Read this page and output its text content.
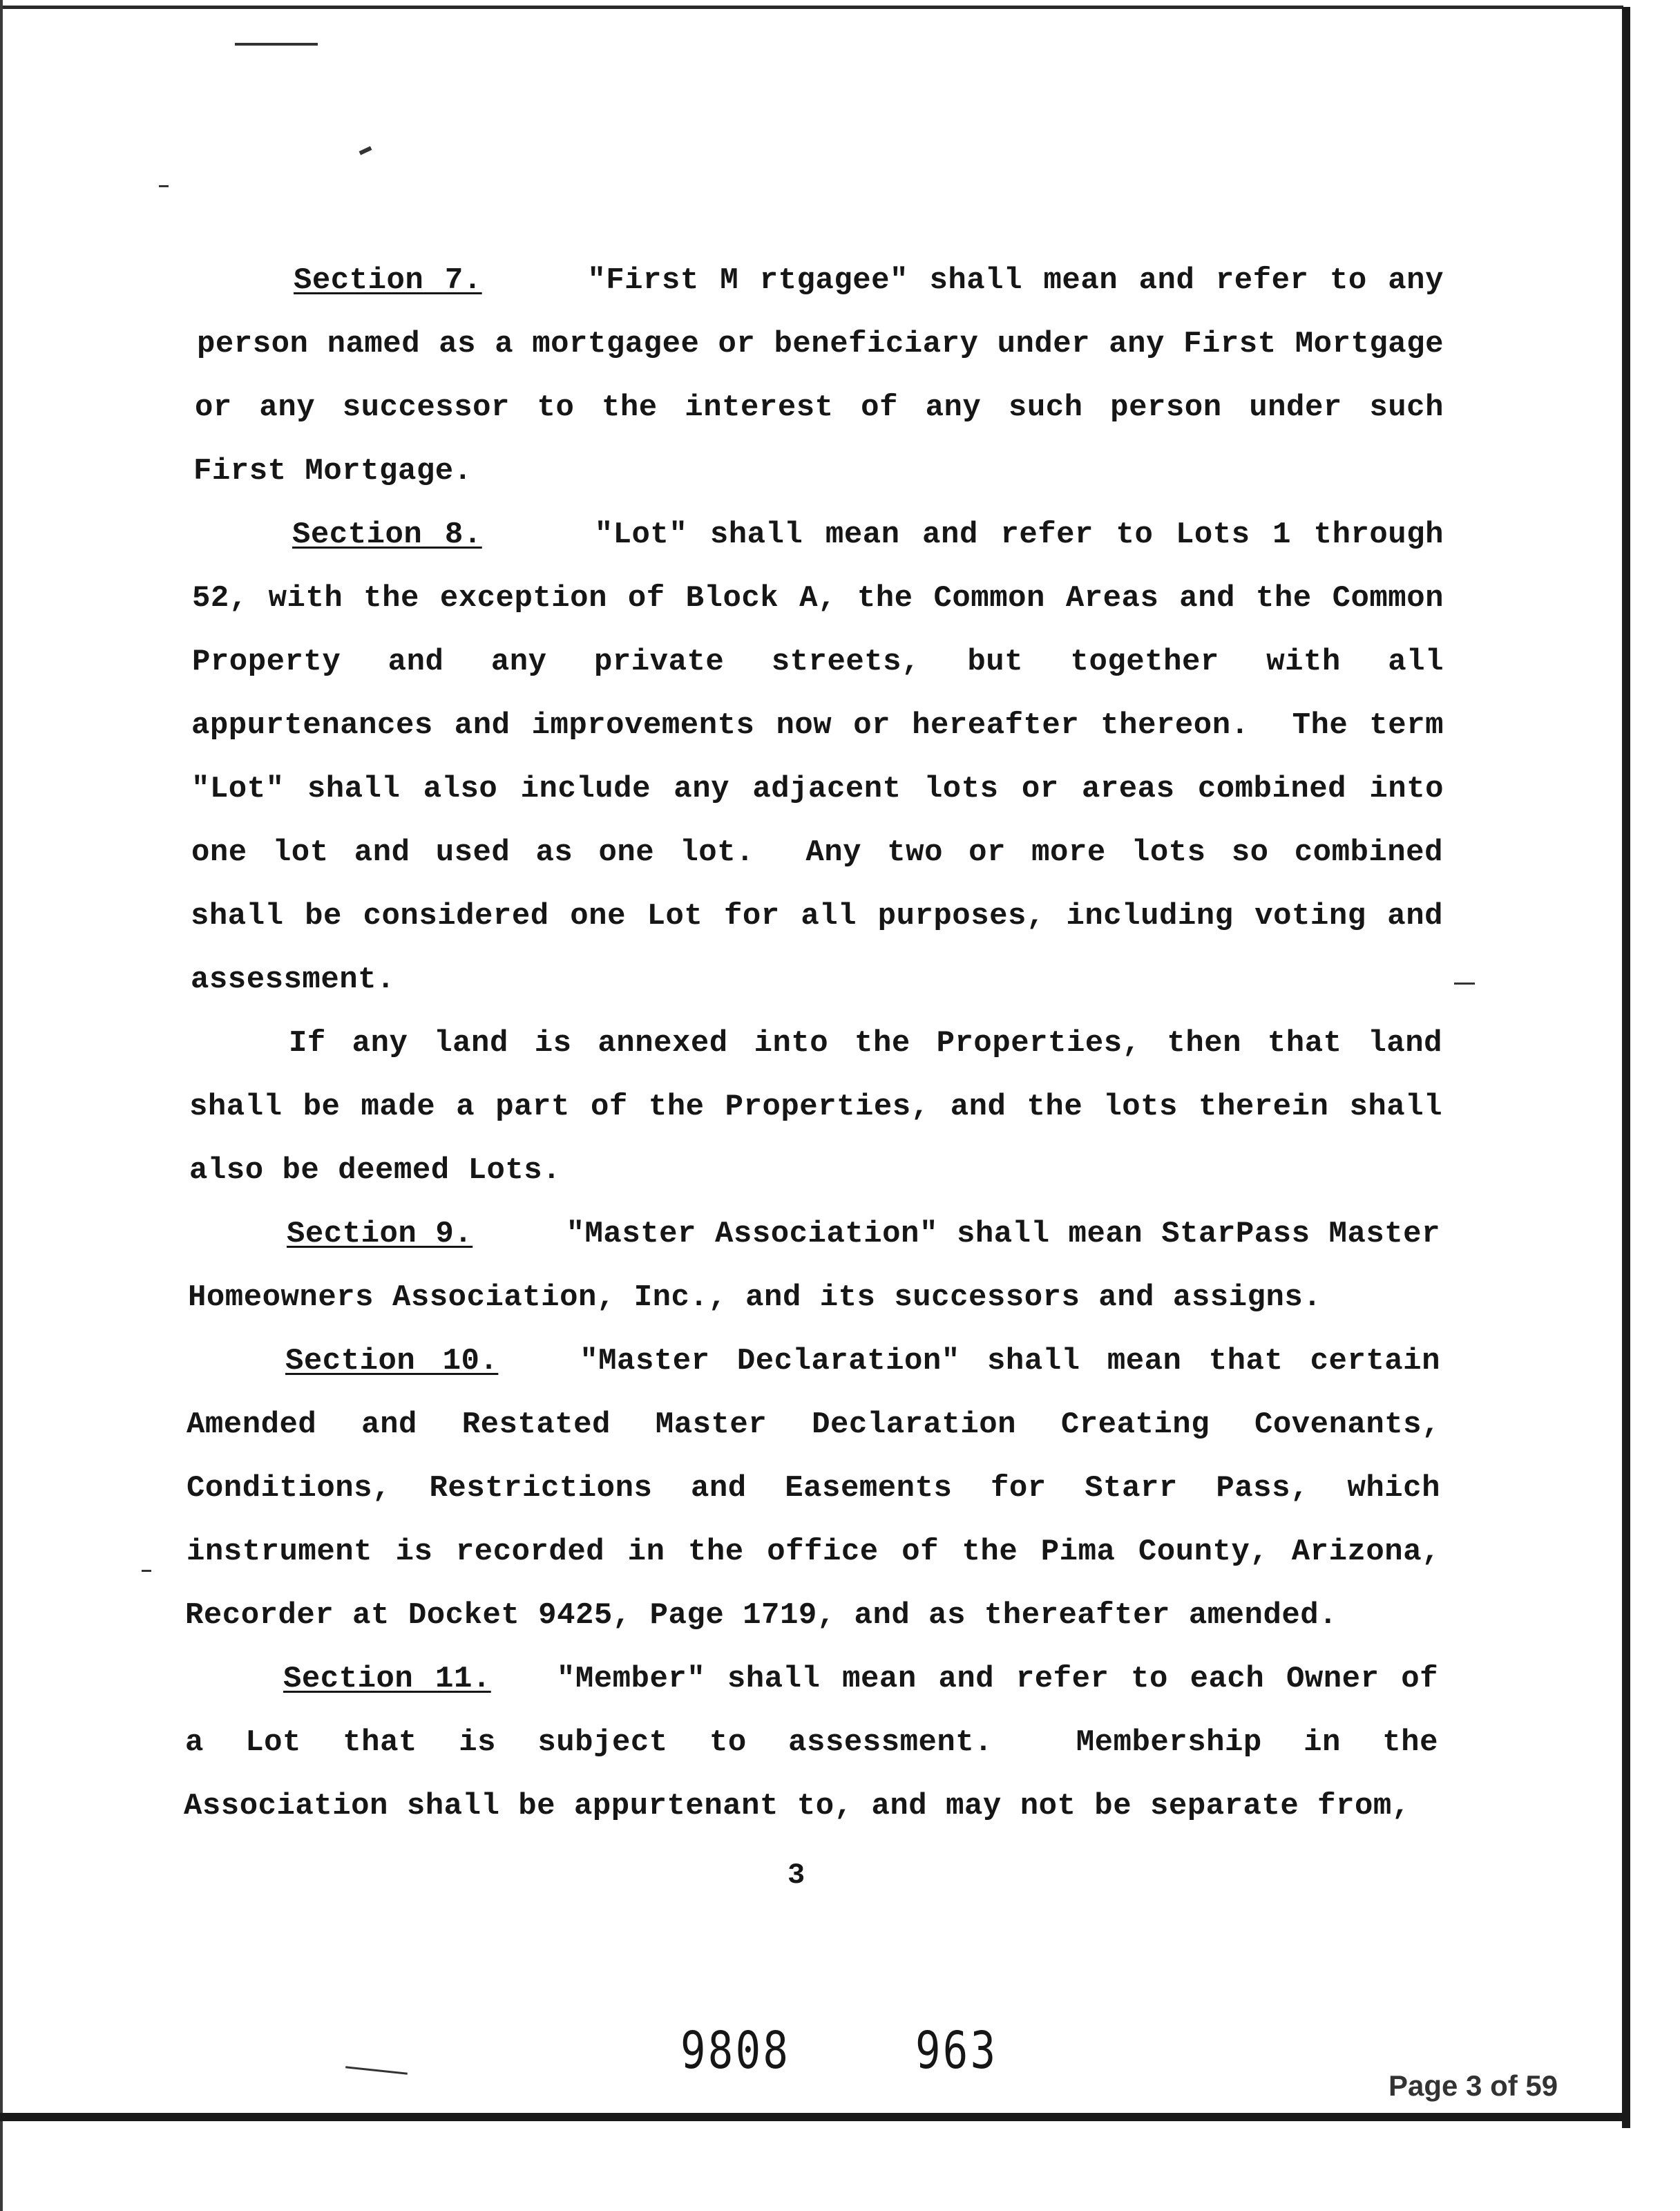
Section 7.	"First M rtgagee" shall mean and refer to any
person named as a mortgagee or beneficiary under any First Mortgage
or any successor to the interest of any such person under such
First Mortgage.
Section 8.	"Lot" shall mean and refer to Lots 1 through
52, with the exception of Block A, the Common Areas and the Common
Property and any private streets, but together with all
appurtenances and improvements now or hereafter thereon.  The term
"Lot" shall also include any adjacent lots or areas combined into
one lot and used as one lot.  Any two or more lots so combined
shall be considered one Lot for all purposes, including voting and
assessment.
If any land is annexed into the Properties, then that land
shall be made a part of the Properties, and the lots therein shall
also be deemed Lots.
Section 9.	"Master Association" shall mean StarPass Master
Homeowners Association, Inc., and its successors and assigns.
Section 10.	"Master Declaration" shall mean that certain
Amended and Restated Master Declaration Creating Covenants,
Conditions, Restrictions and Easements for Starr Pass, which
instrument is recorded in the office of the Pima County, Arizona,
Recorder at Docket 9425, Page 1719, and as thereafter amended.
Section 11. "Member" shall mean and refer to each Owner of
a Lot that is subject to assessment.  Membership in the
Association shall be appurtenant to, and may not be separate from,
3
9808 963
Page 3 of 59
